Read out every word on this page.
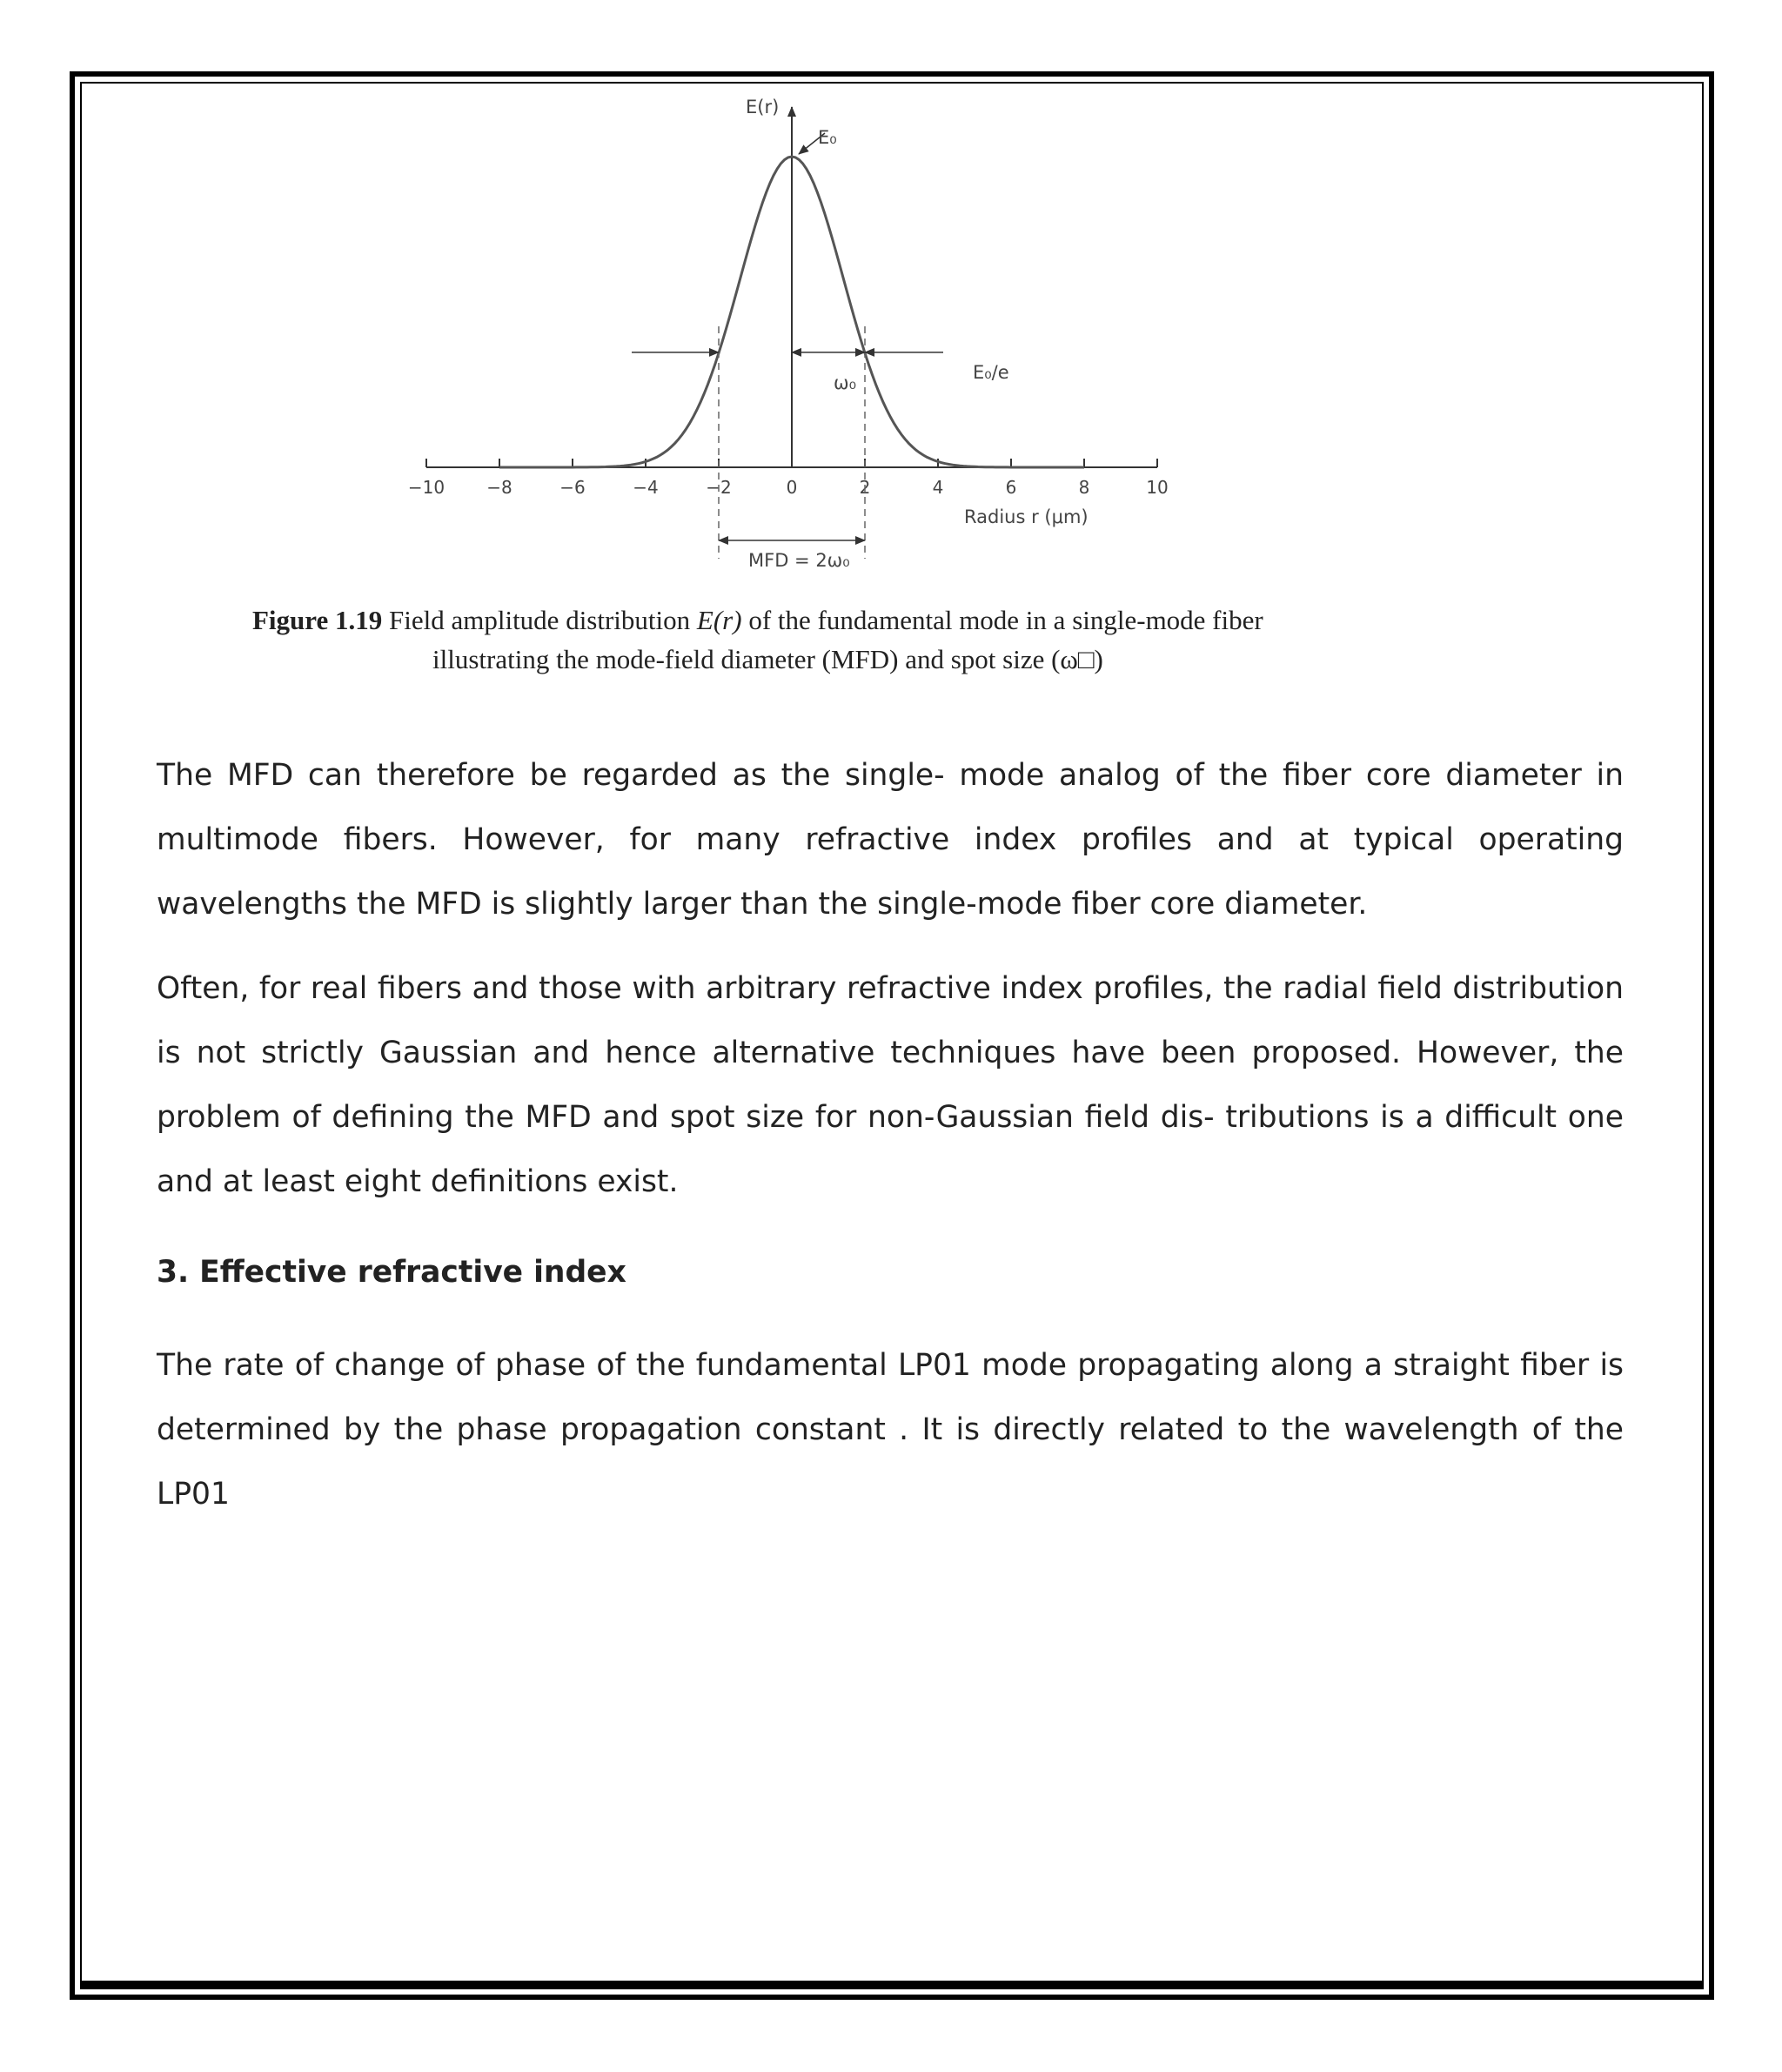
−10 −8	−6	−4	−2	0	2	4	6	8	10
E(r)
E₀
E₀/e
ω₀
Radius r (μm)
MFD = 2ω₀
Figure 1.19 Field amplitude distribution E(r) of the fundamental mode in a single-mode fiber
illustrating the mode-field diameter (MFD) and spot size (ω□)

The MFD can therefore be regarded as the single- mode analog of the fiber core diameter in multimode fibers. However, for many refractive index profiles and at typical operating wavelengths the MFD is slightly larger than the single-mode fiber core diameter.

Often, for real fibers and those with arbitrary refractive index profiles, the radial field distribution is not strictly Gaussian and hence alternative techniques have been proposed. However, the problem of defining the MFD and spot size for non-Gaussian field dis- tributions is a difficult one and at least eight definitions exist.

3. Effective refractive index

The rate of change of phase of the fundamental LP01 mode propagating along a straight fiber is determined by the phase propagation constant . It is directly related to the wavelength of the LP01
